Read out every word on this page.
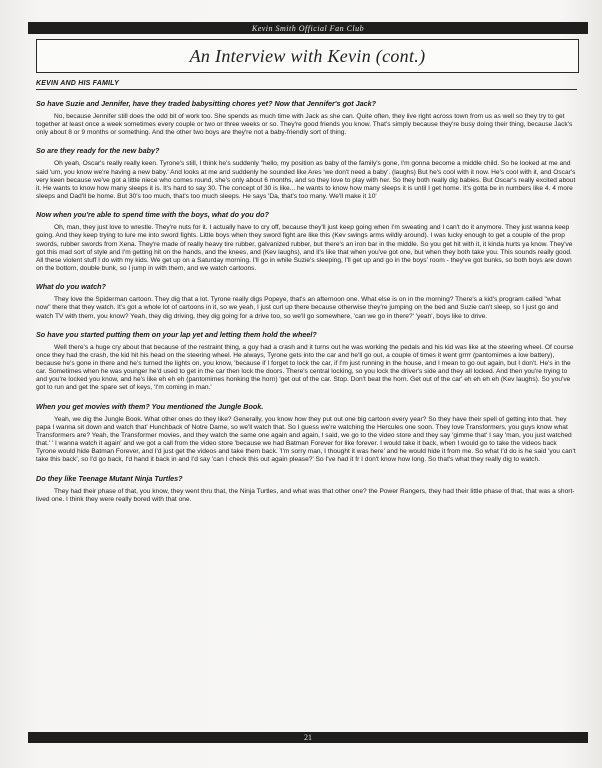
Kevin Smith Official Fan Club
An Interview with Kevin (cont.)
KEVIN AND HIS FAMILY
So have Suzie and Jennifer, have they traded babysitting chores yet? Now that Jennifer's got Jack?
No, because Jennifer still does the odd bit of work too. She spends as much time with Jack as she can. Quite often, they live right across town from us as well so they try to get together at least once a week sometimes every couple or two or three weeks or so. They're good friends you know. That's simply because they're busy doing their thing, because Jack's only about 8 or 9 months or something. And the other two boys are they're not a baby-friendly sort of thing.
So are they ready for the new baby?
Oh yeah, Oscar's really really keen. Tyrone's still, I think he's suddenly "hello, my position as baby of the family's gone, I'm gonna become a middle child. So he looked at me and said 'um, you know we're having a new baby.' And looks at me and suddenly he sounded like Ares 'we don't need a baby'. (laughs) But he's cool with it now. He's cool with it, and Oscar's very keen because we've got a little niece who comes round, she's only about 6 months, and so they love to play with her. So they both really dig babies. But Oscar's really excited about it. He wants to know how many sleeps it is. It's hard to say 30. The concept of 30 is like... he wants to know how many sleeps it is until I get home. It's gotta be in numbers like 4. 4 more sleeps and Dad'll be home. But 30's too much, that's too much sleeps. He says 'Da, that's too many. We'll make it 10'
Now when you're able to spend time with the boys, what do you do?
Oh, man, they just love to wrestle. They're nuts for it. I actually have to cry off, because they'll just keep going when I'm sweating and I can't do it anymore. They just wanna keep going. And they keep trying to lure me into sword fights. Little boys when they sword fight are like this (Kev swings arms wildly around). I was lucky enough to get a couple of the prop swords, rubber swords from Xena. They're made of really heavy tire rubber, galvanized rubber, but there's an iron bar in the middle. So you get hit with it, it kinda hurts ya know. They've got this mad sort of style and I'm getting hit on the hands, and the knees, and (Kev laughs), and it's like that when you've got one, but when they both take you. This sounds really good. All these violent stuff I do with my kids. We get up on a Saturday morning. I'll go in while Suzie's sleeping, I'll get up and go in the boys' room - they've got bunks, so both boys are down on the bottom, double bunk, so I jump in with them, and we watch cartoons.
What do you watch?
They love the Spiderman cartoon. They dig that a lot. Tyrone really digs Popeye, that's an afternoon one. What else is on in the morning? There's a kid's program called "what now" there that they watch. It's got a whole lot of cartoons in it, so we yeah, I just curl up there because otherwise they're jumping on the bed and Suzie can't sleep, so I just go and watch TV with them, you know? Yeah, they dig driving, they dig going for a drive too, so we'll go somewhere, 'can we go in there?' 'yeah', boys like to drive.
So have you started putting them on your lap yet and letting them hold the wheel?
Well there's a huge cry about that because of the restraint thing, a guy had a crash and it turns out he was working the pedals and his kid was like at the steering wheel. Of course once they had the crash, the kid hit his head on the steering wheel. He always, Tyrone gets into the car and he'll go out, a couple of times it went grrrr (pantomimes a low battery), because he's gone in there and he's turned the lights on, you know, 'because if I forget to lock the car, if I'm just running in the house, and I mean to go out again, but I don't. He's in the car. Sometimes when he was younger he'd used to get in the car then lock the doors. There's central locking, so you lock the driver's side and they all locked. And then you're trying to and you're locked you know, and he's like eh eh eh (pantomimes honking the horn) 'get out of the car. Stop. Don't beat the horn. Get out of the car' eh eh eh eh (Kev laughs). So you've got to run and get the spare set of keys, 'I'm coming in man.'
When you get movies with them? You mentioned the Jungle Book.
Yeah, we dig the Jungle Book. What other ones do they like? Generally, you know how they put out one big cartoon every year? So they have their spell of getting into that. 'hey papa I wanna sit down and watch that' Hunchback of Notre Dame, so we'll watch that. So I guess we're watching the Hercules one soon. They love Transformers, you guys know what Transformers are? Yeah, the Transformer movies, and they watch the same one again and again, I said, we go to the video store and they say 'gimme that' I say 'man, you just watched that.' ' I wanna watch it again' and we got a call from the video store 'because we had Batman Forever for like forever. I would take it back, when I would go to take the videos back Tyrone would hide Batman Forever, and I'd just get the videos and take them back. 'I'm sorry man, I thought it was here' and he would hide it from me. So what I'd do is he said 'you can't take this back', so I'd go back, I'd hand it back in and I'd say 'can I check this out again please?' So I've had it fr I don't know how long. So that's what they really dig to watch.
Do they like Teenage Mutant Ninja Turtles?
They had their phase of that, you know, they went thru that, the Ninja Turtles, and what was that other one? the Power Rangers, they had their little phase of that, that was a short-lived one. I think they were really bored with that one.
21
